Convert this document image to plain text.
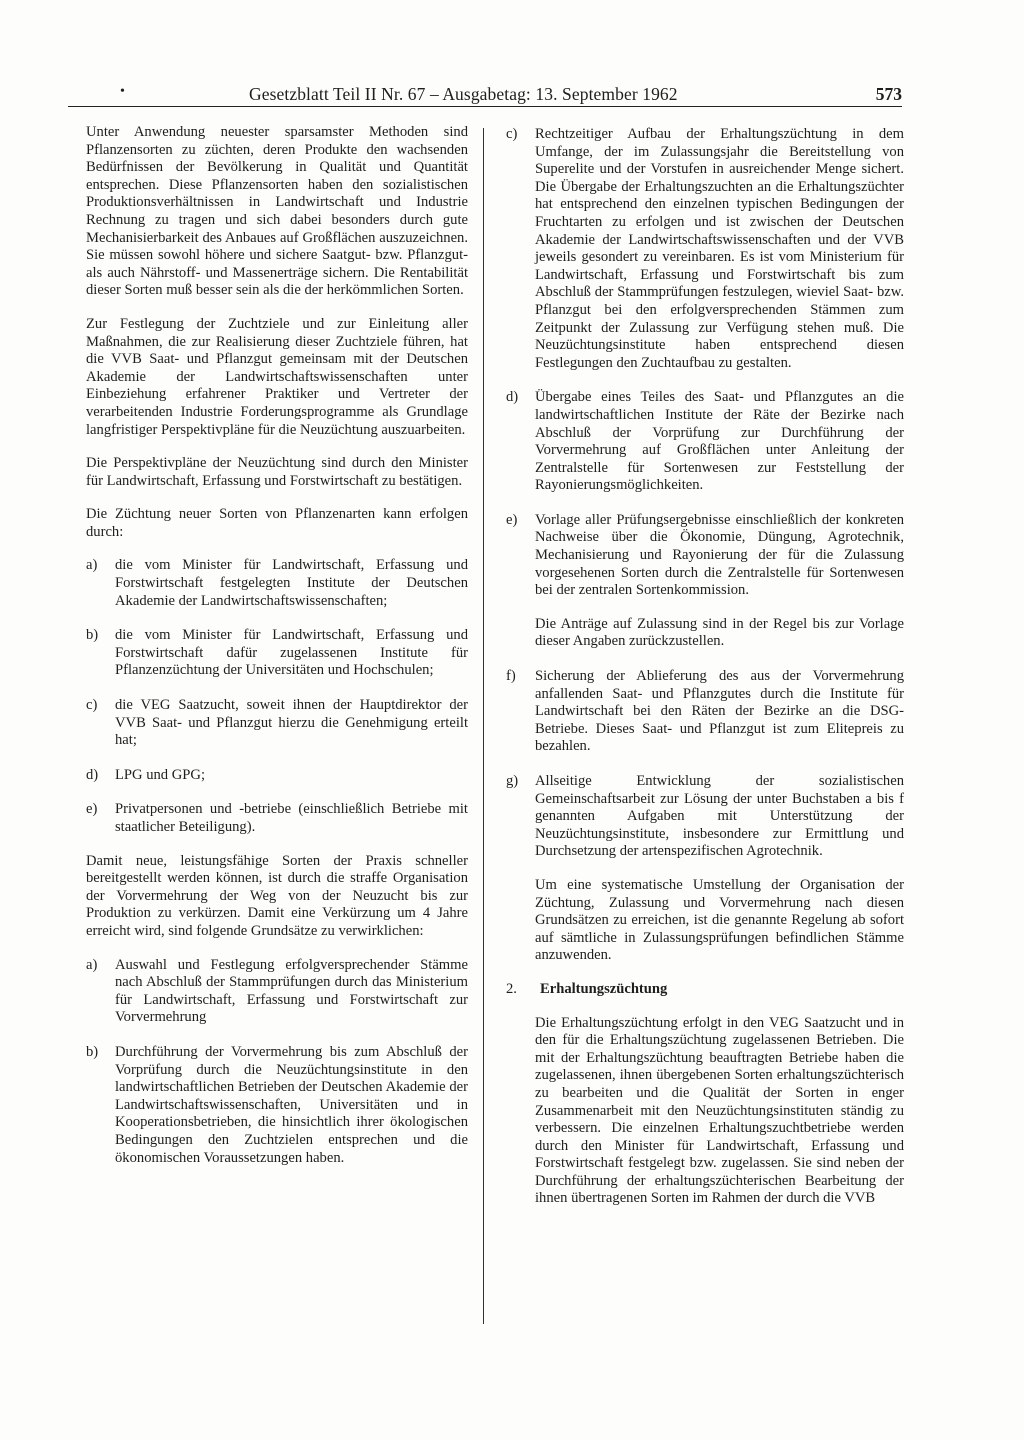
•	Gesetzblatt Teil II Nr. 67 – Ausgabetag: 13. September 1962	573

Unter Anwendung neuester sparsamster Methoden sind Pflanzensorten zu züchten, deren Produkte den wachsenden Bedürfnissen der Bevölkerung in Qualität und Quantität entsprechen. Diese Pflanzensorten haben den sozialistischen Produktionsverhältnissen in Landwirtschaft und Industrie Rechnung zu tragen und sich dabei besonders durch gute Mechanisierbarkeit des Anbaues auf Großflächen auszuzeichnen. Sie müssen sowohl höhere und sichere Saatgut- bzw. Pflanzgut- als auch Nährstoff- und Massenerträge sichern. Die Rentabilität dieser Sorten muß besser sein als die der herkömmlichen Sorten.

Zur Festlegung der Zuchtziele und zur Einleitung aller Maßnahmen, die zur Realisierung dieser Zuchtziele führen, hat die VVB Saat- und Pflanzgut gemeinsam mit der Deutschen Akademie der Landwirtschaftswissenschaften unter Einbeziehung erfahrener Praktiker und Vertreter der verarbeitenden Industrie Forderungsprogramme als Grundlage langfristiger Perspektivpläne für die Neuzüchtung auszuarbeiten.

Die Perspektivpläne der Neuzüchtung sind durch den Minister für Landwirtschaft, Erfassung und Forstwirtschaft zu bestätigen.

Die Züchtung neuer Sorten von Pflanzenarten kann erfolgen durch:

a) die vom Minister für Landwirtschaft, Erfassung und Forstwirtschaft festgelegten Institute der Deutschen Akademie der Landwirtschaftswissenschaften;
b) die vom Minister für Landwirtschaft, Erfassung und Forstwirtschaft dafür zugelassenen Institute für Pflanzenzüchtung der Universitäten und Hochschulen;
c) die VEG Saatzucht, soweit ihnen der Hauptdirektor der VVB Saat- und Pflanzgut hierzu die Genehmigung erteilt hat;
d) LPG und GPG;
e) Privatpersonen und -betriebe (einschließlich Betriebe mit staatlicher Beteiligung).

Damit neue, leistungsfähige Sorten der Praxis schneller bereitgestellt werden können, ist durch die straffe Organisation der Vorvermehrung der Weg von der Neuzucht bis zur Produktion zu verkürzen. Damit eine Verkürzung um 4 Jahre erreicht wird, sind folgende Grundsätze zu verwirklichen:

a) Auswahl und Festlegung erfolgversprechender Stämme nach Abschluß der Stammprüfungen durch das Ministerium für Landwirtschaft, Erfassung und Forstwirtschaft zur Vorvermehrung
b) Durchführung der Vorvermehrung bis zum Abschluß der Vorprüfung durch die Neuzüchtungsinstitute in den landwirtschaftlichen Betrieben der Deutschen Akademie der Landwirtschaftswissenschaften, Universitäten und in Kooperationsbetrieben, die hinsichtlich ihrer ökologischen Bedingungen den Zuchtzielen entsprechen und die ökonomischen Voraussetzungen haben.
c) Rechtzeitiger Aufbau der Erhaltungszüchtung in dem Umfange, der im Zulassungsjahr die Bereitstellung von Superelite und der Vorstufen in ausreichender Menge sichert. Die Übergabe der Erhaltungszuchten an die Erhaltungszüchter hat entsprechend den einzelnen typischen Bedingungen der Fruchtarten zu erfolgen und ist zwischen der Deutschen Akademie der Landwirtschaftswissenschaften und der VVB jeweils gesondert zu vereinbaren. Es ist vom Ministerium für Landwirtschaft, Erfassung und Forstwirtschaft bis zum Abschluß der Stammprüfungen festzulegen, wieviel Saat- bzw. Pflanzgut bei den erfolgversprechenden Stämmen zum Zeitpunkt der Zulassung zur Verfügung stehen muß. Die Neuzüchtungsinstitute haben entsprechend diesen Festlegungen den Zuchtaufbau zu gestalten.
d) Übergabe eines Teiles des Saat- und Pflanzgutes an die landwirtschaftlichen Institute der Räte der Bezirke nach Abschluß der Vorprüfung zur Durchführung der Vorvermehrung auf Großflächen unter Anleitung der Zentralstelle für Sortenwesen zur Feststellung der Rayonierungsmöglichkeiten.
e) Vorlage aller Prüfungsergebnisse einschließlich der konkreten Nachweise über die Ökonomie, Düngung, Agrotechnik, Mechanisierung und Rayonierung der für die Zulassung vorgesehenen Sorten durch die Zentralstelle für Sortenwesen bei der zentralen Sortenkommission.

Die Anträge auf Zulassung sind in der Regel bis zur Vorlage dieser Angaben zurückzustellen.

f) Sicherung der Ablieferung des aus der Vorvermehrung anfallenden Saat- und Pflanzgutes durch die Institute für Landwirtschaft bei den Räten der Bezirke an die DSG-Betriebe. Dieses Saat- und Pflanzgut ist zum Elitepreis zu bezahlen.
g) Allseitige Entwicklung der sozialistischen Gemeinschaftsarbeit zur Lösung der unter Buchstaben a bis f genannten Aufgaben mit Unterstützung der Neuzüchtungsinstitute, insbesondere zur Ermittlung und Durchsetzung der artenspezifischen Agrotechnik.

Um eine systematische Umstellung der Organisation der Züchtung, Zulassung und Vorvermehrung nach diesen Grundsätzen zu erreichen, ist die genannte Regelung ab sofort auf sämtliche in Zulassungsprüfungen befindlichen Stämme anzuwenden.

2. Erhaltungszüchtung

Die Erhaltungszüchtung erfolgt in den VEG Saatzucht und in den für die Erhaltungszüchtung zugelassenen Betrieben. Die mit der Erhaltungszüchtung beauftragten Betriebe haben die zugelassenen, ihnen übergebenen Sorten erhaltungszüchterisch zu bearbeiten und die Qualität der Sorten in enger Zusammenarbeit mit den Neuzüchtungsinstituten ständig zu verbessern. Die einzelnen Erhaltungszuchtbetriebe werden durch den Minister für Landwirtschaft, Erfassung und Forstwirtschaft festgelegt bzw. zugelassen. Sie sind neben der Durchführung der erhaltungszüchterischen Bearbeitung der ihnen übertragenen Sorten im Rahmen der durch die VVB
